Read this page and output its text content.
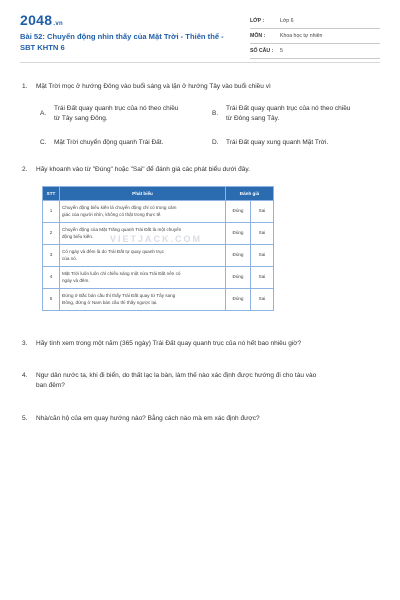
2048.vn
Bài 52: Chuyển động nhìn thấy của Mặt Trời - Thiên thể - SBT KHTN 6
LỚP :	Lớp 6
MÔN :	Khoa học tự nhiên
SỐ CÂU :	5
1. Mặt Trời mọc ở hướng Đông vào buổi sáng và lặn ở hướng Tây vào buổi chiều vì
A.
Trái Đất quay quanh trục của nó theo chiều
từ Tây sang Đông.
B.
Trái Đất quay quanh trục của nó theo chiều
từ Đông sang Tây.
C. Mặt Trời chuyển động quanh Trái Đất.	D. Trái Đất quay xung quanh Mặt Trời.
2. Hãy khoanh vào từ "Đúng" hoặc "Sai" để đánh giá các phát biểu dưới đây.
STT	Phát biểu	Đánh giá	
1	Chuyển động biểu kiến là chuyển động chỉ có trong cảm
giác của người nhìn, không có thật trong thực tế.	Đúng	Sai
2	Chuyển động của Mặt Trăng quanh Trái Đất là một chuyển
động biểu kiến.	Đúng	Sai
3	Có ngày và đêm là do Trái Đất tự quay quanh trục
của nó.	Đúng	Sai
4	Mặt Trời luôn luôn chỉ chiếu sáng một nửa Trái Đất nên có
ngày và đêm.	Đúng	Sai
5	Đứng ở Bắc bán cầu thì thấy Trái Đất quay từ Tây sang
Đông, đứng ở Nam bán cầu thì thấy ngược lại.	Đúng	Sai
VIETJACK.COM
3. Hãy tính xem trong một năm (365 ngày) Trái Đất quay quanh trục của nó hết bao nhiêu giờ?
4. Ngư dân nước ta, khi đi biển, do thất lạc la bàn, làm thế nào xác định được hướng đi cho tàu vào
ban đêm?
5. Nhà/căn hộ của em quay hướng nào? Bằng cách nào mà em xác định được?
